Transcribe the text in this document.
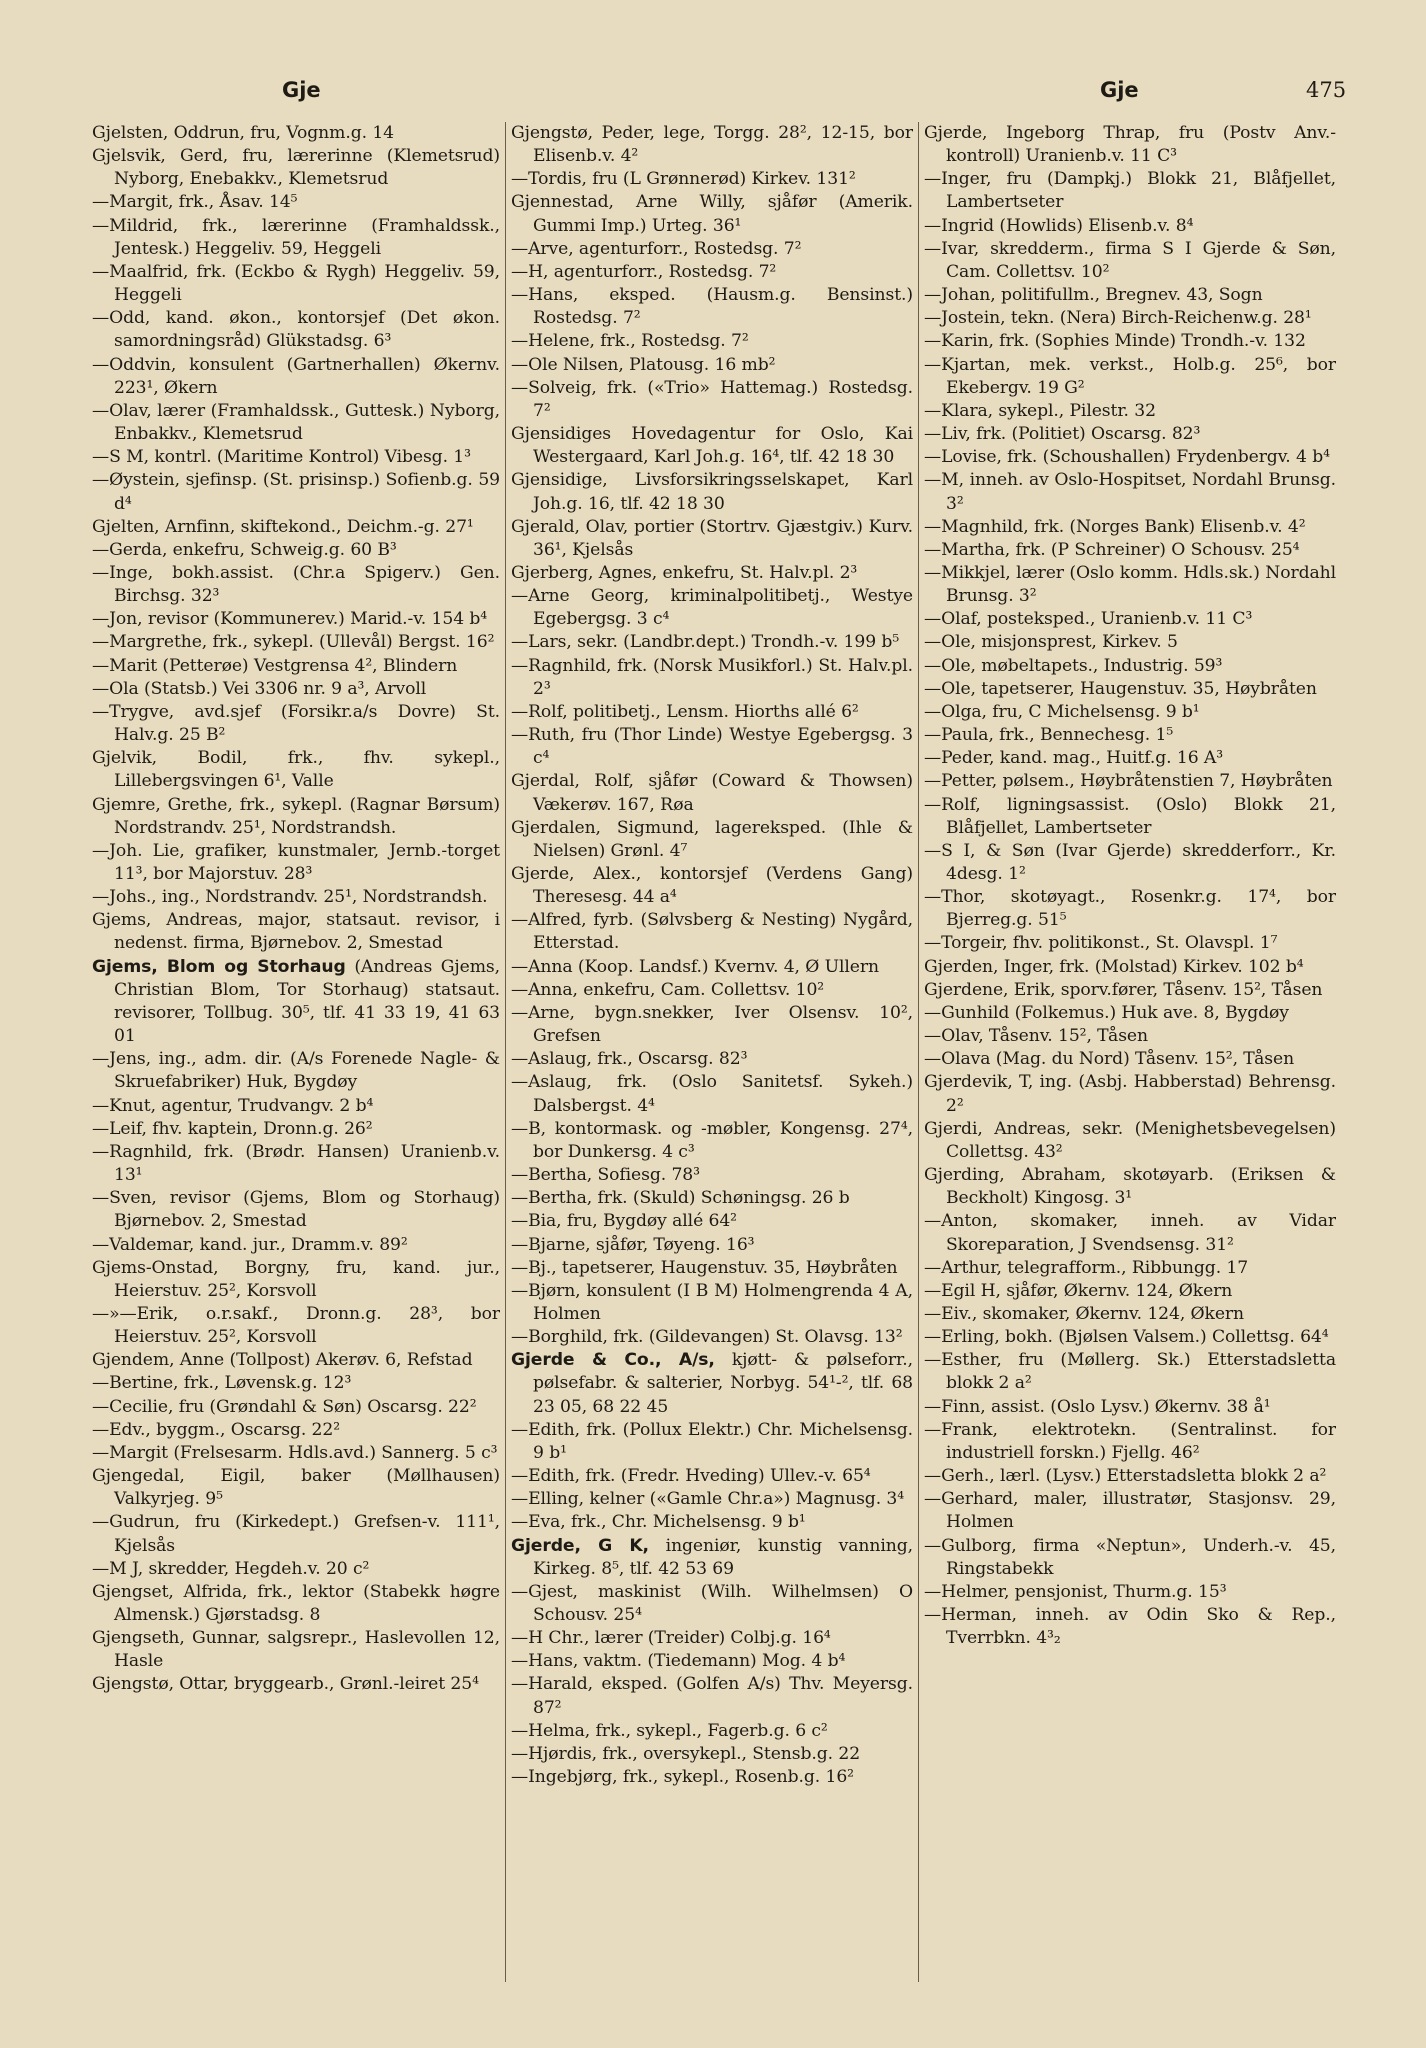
Gje	Gje	475
Gjelsten, Oddrun, fru, Vognm.g. 14
Gjelsvik, Gerd, fru, lærerinne (Klemetsrud) Nyborg, Enebakkv., Klemetsrud
—Margit, frk., Åsav. 14⁵
—Mildrid, frk., lærerinne (Framhaldssk., Jentesk.) Heggeliv. 59, Heggeli
—Maalfrid, frk. (Eckbo & Rygh) Heggeliv. 59, Heggeli
—Odd, kand. økon., kontorsjef (Det økon. samordningsråd) Glükstadsg. 6³
—Oddvin, konsulent (Gartnerhallen) Økernv. 223¹, Økern
—Olav, lærer (Framhaldssk., Guttesk.) Nyborg, Enbakkv., Klemetsrud
—S M, kontrl. (Maritime Kontrol) Vibesg. 1³
—Øystein, sjefinsp. (St. prisinsp.) Sofienb.g. 59 d⁴
Gjelten, Arnfinn, skiftekond., Deichm.-g. 27¹
—Gerda, enkefru, Schweig.g. 60 B³
—Inge, bokh.assist. (Chr.a Spigerv.) Gen. Birchsg. 32³
—Jon, revisor (Kommunerev.) Marid.-v. 154 b⁴
—Margrethe, frk., sykepl. (Ullevål) Bergst. 16²
—Marit (Petterøe) Vestgrensa 4², Blindern
—Ola (Statsb.) Vei 3306 nr. 9 a³, Arvoll
—Trygve, avd.sjef (Forsikr.a/s Dovre) St. Halv.g. 25 B²
Gjelvik, Bodil, frk., fhv. sykepl., Lillebergsvingen 6¹, Valle
Gjemre, Grethe, frk., sykepl. (Ragnar Børsum) Nordstrandv. 25¹, Nordstrandsh.
—Joh. Lie, grafiker, kunstmaler, Jernb.-torget 11³, bor Majorstuv. 28³
—Johs., ing., Nordstrandv. 25¹, Nordstrandsh.
Gjems, Andreas, major, statsaut. revisor, i nedenst. firma, Bjørnebov. 2, Smestad
Gjems, Blom og Storhaug (Andreas Gjems, Christian Blom, Tor Storhaug) statsaut. revisorer, Tollbug. 30⁵, tlf. 41 33 19, 41 63 01
—Jens, ing., adm. dir. (A/s Forenede Nagle- & Skruefabriker) Huk, Bygdøy
—Knut, agentur, Trudvangv. 2 b⁴
—Leif, fhv. kaptein, Dronn.g. 26²
—Ragnhild, frk. (Brødr. Hansen) Uranienb.v. 13¹
—Sven, revisor (Gjems, Blom og Storhaug) Bjørnebov. 2, Smestad
—Valdemar, kand. jur., Dramm.v. 89²
Gjems-Onstad, Borgny, fru, kand. jur., Heierstuv. 25², Korsvoll
—»—Erik, o.r.sakf., Dronn.g. 28³, bor Heierstuv. 25², Korsvoll
Gjendem, Anne (Tollpost) Akerøv. 6, Refstad
—Bertine, frk., Løvensk.g. 12³
—Cecilie, fru (Grøndahl & Søn) Oscarsg. 22²
—Edv., byggm., Oscarsg. 22²
—Margit (Frelsesarm. Hdls.avd.) Sannerg. 5 c³
Gjengedal, Eigil, baker (Møllhausen) Valkyrjeg. 9⁵
—Gudrun, fru (Kirkedept.) Grefsen-v. 111¹, Kjelsås
—M J, skredder, Hegdeh.v. 20 c²
Gjengset, Alfrida, frk., lektor (Stabekk høgre Almensk.) Gjørstadsg. 8
Gjengseth, Gunnar, salgsrepr., Haslevollen 12, Hasle
Gjengstø, Ottar, bryggearb., Grønl.-leiret 25⁴
Gjengstø, Peder, lege, Torgg. 28², 12-15, bor Elisenb.v. 4²
—Tordis, fru (L Grønnerød) Kirkev. 131²
Gjennestad, Arne Willy, sjåfør (Amerik. Gummi Imp.) Urteg. 36¹
—Arve, agenturforr., Rostedsg. 7²
—H, agenturforr., Rostedsg. 7²
—Hans, eksped. (Hausm.g. Bensinst.) Rostedsg. 7²
—Helene, frk., Rostedsg. 7²
—Ole Nilsen, Platousg. 16 mb²
—Solveig, frk. («Trio» Hattemag.) Rostedsg. 7²
Gjensidiges Hovedagentur for Oslo, Kai Westergaard, Karl Joh.g. 16⁴, tlf. 42 18 30
Gjensidige, Livsforsikringsselskapet, Karl Joh.g. 16, tlf. 42 18 30
Gjerald, Olav, portier (Stortrv. Gjæstgiv.) Kurv. 36¹, Kjelsås
Gjerberg, Agnes, enkefru, St. Halv.pl. 2³
—Arne Georg, kriminalpolitibetj., Westye Egebergsg. 3 c⁴
—Lars, sekr. (Landbr.dept.) Trondh.-v. 199 b⁵
—Ragnhild, frk. (Norsk Musikforl.) St. Halv.pl. 2³
—Rolf, politibetj., Lensm. Hiorths allé 6²
—Ruth, fru (Thor Linde) Westye Egebergsg. 3 c⁴
Gjerdal, Rolf, sjåfør (Coward & Thowsen) Vækerøv. 167, Røa
Gjerdalen, Sigmund, lagereksped. (Ihle & Nielsen) Grønl. 4⁷
Gjerde, Alex., kontorsjef (Verdens Gang) Theresesg. 44 a⁴
—Alfred, fyrb. (Sølvsberg & Nesting) Nygård, Etterstad.
—Anna (Koop. Landsf.) Kvernv. 4, Ø Ullern
—Anna, enkefru, Cam. Collettsv. 10²
—Arne, bygn.snekker, Iver Olsensv. 10², Grefsen
—Aslaug, frk., Oscarsg. 82³
—Aslaug, frk. (Oslo Sanitetsf. Sykeh.) Dalsbergst. 4⁴
—B, kontormask. og -møbler, Kongensg. 27⁴, bor Dunkersg. 4 c³
—Bertha, Sofiesg. 78³
—Bertha, frk. (Skuld) Schøningsg. 26 b
—Bia, fru, Bygdøy allé 64²
—Bjarne, sjåfør, Tøyeng. 16³
—Bj., tapetserer, Haugenstuv. 35, Høybråten
—Bjørn, konsulent (I B M) Holmengrenda 4 A, Holmen
—Borghild, frk. (Gildevangen) St. Olavsg. 13²
Gjerde & Co., A/s, kjøtt- & pølseforr., pølsefabr. & salterier, Norbyg. 54¹‑², tlf. 68 23 05, 68 22 45
—Edith, frk. (Pollux Elektr.) Chr. Michelsensg. 9 b¹
—Edith, frk. (Fredr. Hveding) Ullev.-v. 65⁴
—Elling, kelner («Gamle Chr.a») Magnusg. 3⁴
—Eva, frk., Chr. Michelsensg. 9 b¹
Gjerde, G K, ingeniør, kunstig vanning, Kirkeg. 8⁵, tlf. 42 53 69
—Gjest, maskinist (Wilh. Wilhelmsen) O Schousv. 25⁴
—H Chr., lærer (Treider) Colbj.g. 16⁴
—Hans, vaktm. (Tiedemann) Mog. 4 b⁴
—Harald, eksped. (Golfen A/s) Thv. Meyersg. 87²
—Helma, frk., sykepl., Fagerb.g. 6 c²
—Hjørdis, frk., oversykepl., Stensb.g. 22
—Ingebjørg, frk., sykepl., Rosenb.g. 16²
Gjerde, Ingeborg Thrap, fru (Postv Anv.- kontroll) Uranienb.v. 11 C³
—Inger, fru (Dampkj.) Blokk 21, Blåfjellet, Lambertseter
—Ingrid (Howlids) Elisenb.v. 8⁴
—Ivar, skredderm., firma S I Gjerde & Søn, Cam. Collettsv. 10²
—Johan, politifullm., Bregnev. 43, Sogn
—Jostein, tekn. (Nera) Birch-Reichenw.g. 28¹
—Karin, frk. (Sophies Minde) Trondh.-v. 132
—Kjartan, mek. verkst., Holb.g. 25⁶, bor Ekebergv. 19 G²
—Klara, sykepl., Pilestr. 32
—Liv, frk. (Politiet) Oscarsg. 82³
—Lovise, frk. (Schoushallen) Frydenbergv. 4 b⁴
—M, inneh. av Oslo-Hospitset, Nordahl Brunsg. 3²
—Magnhild, frk. (Norges Bank) Elisenb.v. 4²
—Martha, frk. (P Schreiner) O Schousv. 25⁴
—Mikkjel, lærer (Oslo komm. Hdls.sk.) Nordahl Brunsg. 3²
—Olaf, posteksped., Uranienb.v. 11 C³
—Ole, misjonsprest, Kirkev. 5
—Ole, møbeltapets., Industrig. 59³
—Ole, tapetserer, Haugenstuv. 35, Høybråten
—Olga, fru, C Michelsensg. 9 b¹
—Paula, frk., Bennechesg. 1⁵
—Peder, kand. mag., Huitf.g. 16 A³
—Petter, pølsem., Høybråtenstien 7, Høybråten
—Rolf, ligningsassist. (Oslo) Blokk 21, Blåfjellet, Lambertseter
—S I, & Søn (Ivar Gjerde) skredderforr., Kr. 4desg. 1²
—Thor, skotøyagt., Rosenkr.g. 17⁴, bor Bjerreg.g. 51⁵
—Torgeir, fhv. politikonst., St. Olavspl. 1⁷
Gjerden, Inger, frk. (Molstad) Kirkev. 102 b⁴
Gjerdene, Erik, sporv.fører, Tåsenv. 15², Tåsen
—Gunhild (Folkemus.) Huk ave. 8, Bygdøy
—Olav, Tåsenv. 15², Tåsen
—Olava (Mag. du Nord) Tåsenv. 15², Tåsen
Gjerdevik, T, ing. (Asbj. Habberstad) Behrensg. 2²
Gjerdi, Andreas, sekr. (Menighetsbevegelsen) Collettsg. 43²
Gjerding, Abraham, skotøyarb. (Eriksen & Beckholt) Kingosg. 3¹
—Anton, skomaker, inneh. av Vidar Skoreparation, J Svendsensg. 31²
—Arthur, telegrafform., Ribbungg. 17
—Egil H, sjåfør, Økernv. 124, Økern
—Eiv., skomaker, Økernv. 124, Økern
—Erling, bokh. (Bjølsen Valsem.) Collettsg. 64⁴
—Esther, fru (Møllerg. Sk.) Etterstadsletta blokk 2 a²
—Finn, assist. (Oslo Lysv.) Økernv. 38 å¹
—Frank, elektrotekn. (Sentralinst. for industriell forskn.) Fjellg. 46²
—Gerh., lærl. (Lysv.) Etterstadsletta blokk 2 a²
—Gerhard, maler, illustratør, Stasjonsv. 29, Holmen
—Gulborg, firma «Neptun», Underh.-v. 45, Ringstabekk
—Helmer, pensjonist, Thurm.g. 15³
—Herman, inneh. av Odin Sko & Rep., Tverrbkn. 4³₂
